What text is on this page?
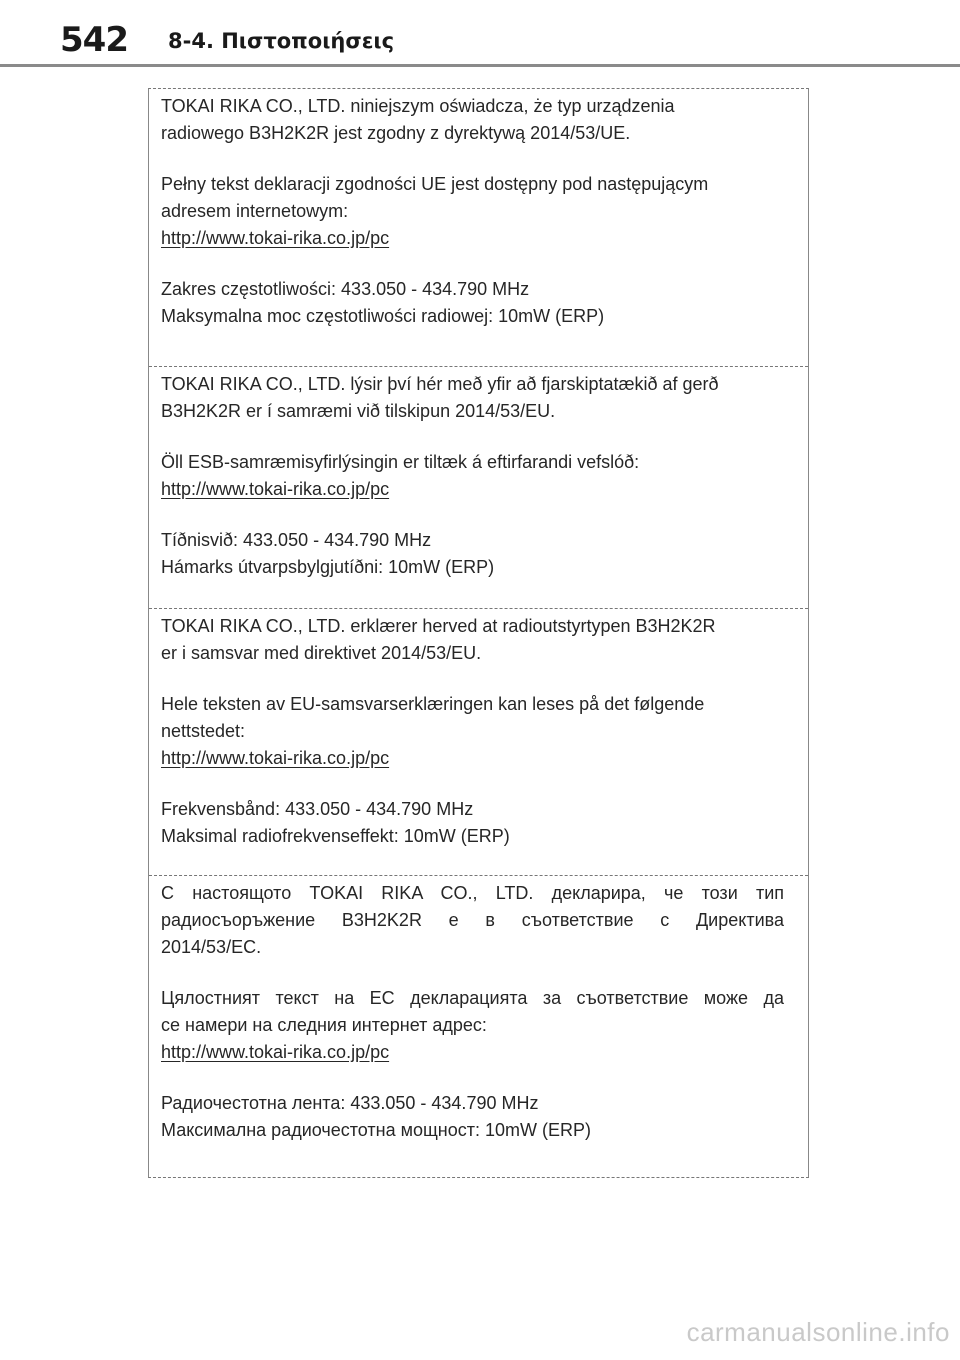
542 8-4. Πιστοποιήσεις
TOKAI RIKA CO., LTD. niniejszym oświadcza, że typ urządzenia
radiowego B3H2K2R jest zgodny z dyrektywą 2014/53/UE.
Pełny tekst deklaracji zgodności UE jest dostępny pod następującym
adresem internetowym:
http://www.tokai-rika.co.jp/pc
Zakres częstotliwości: 433.050 - 434.790 MHz
Maksymalna moc częstotliwości radiowej: 10mW (ERP)
TOKAI RIKA CO., LTD. lýsir því hér með yfir að fjarskiptatækið af gerð
B3H2K2R er í samræmi við tilskipun 2014/53/EU.
Öll ESB-samræmisyfirlýsingin er tiltæk á eftirfarandi vefslóð:
http://www.tokai-rika.co.jp/pc
Tíðnisvið: 433.050 - 434.790 MHz
Hámarks útvarpsbylgjutíðni: 10mW (ERP)
TOKAI RIKA CO., LTD. erklærer herved at radioutstyrtypen B3H2K2R
er i samsvar med direktivet 2014/53/EU.
Hele teksten av EU-samsvarserklæringen kan leses på det følgende
nettstedet:
http://www.tokai-rika.co.jp/pc
Frekvensbånd: 433.050 - 434.790 MHz
Maksimal radiofrekvenseffekt: 10mW (ERP)
С настоящото TOKAI RIKA CO., LTD. декларира, че този тип
радиосъоръжение B3H2K2R е в съответствие с Директива
2014/53/ЕС.
Цялостният текст на ЕС декларацията за съответствие може да
се намери на следния интернет адрес:
http://www.tokai-rika.co.jp/pc
Радиочестотна лента: 433.050 - 434.790 MHz
Максимална радиочестотна мощност: 10mW (ERP)
carmanualsonline.info
